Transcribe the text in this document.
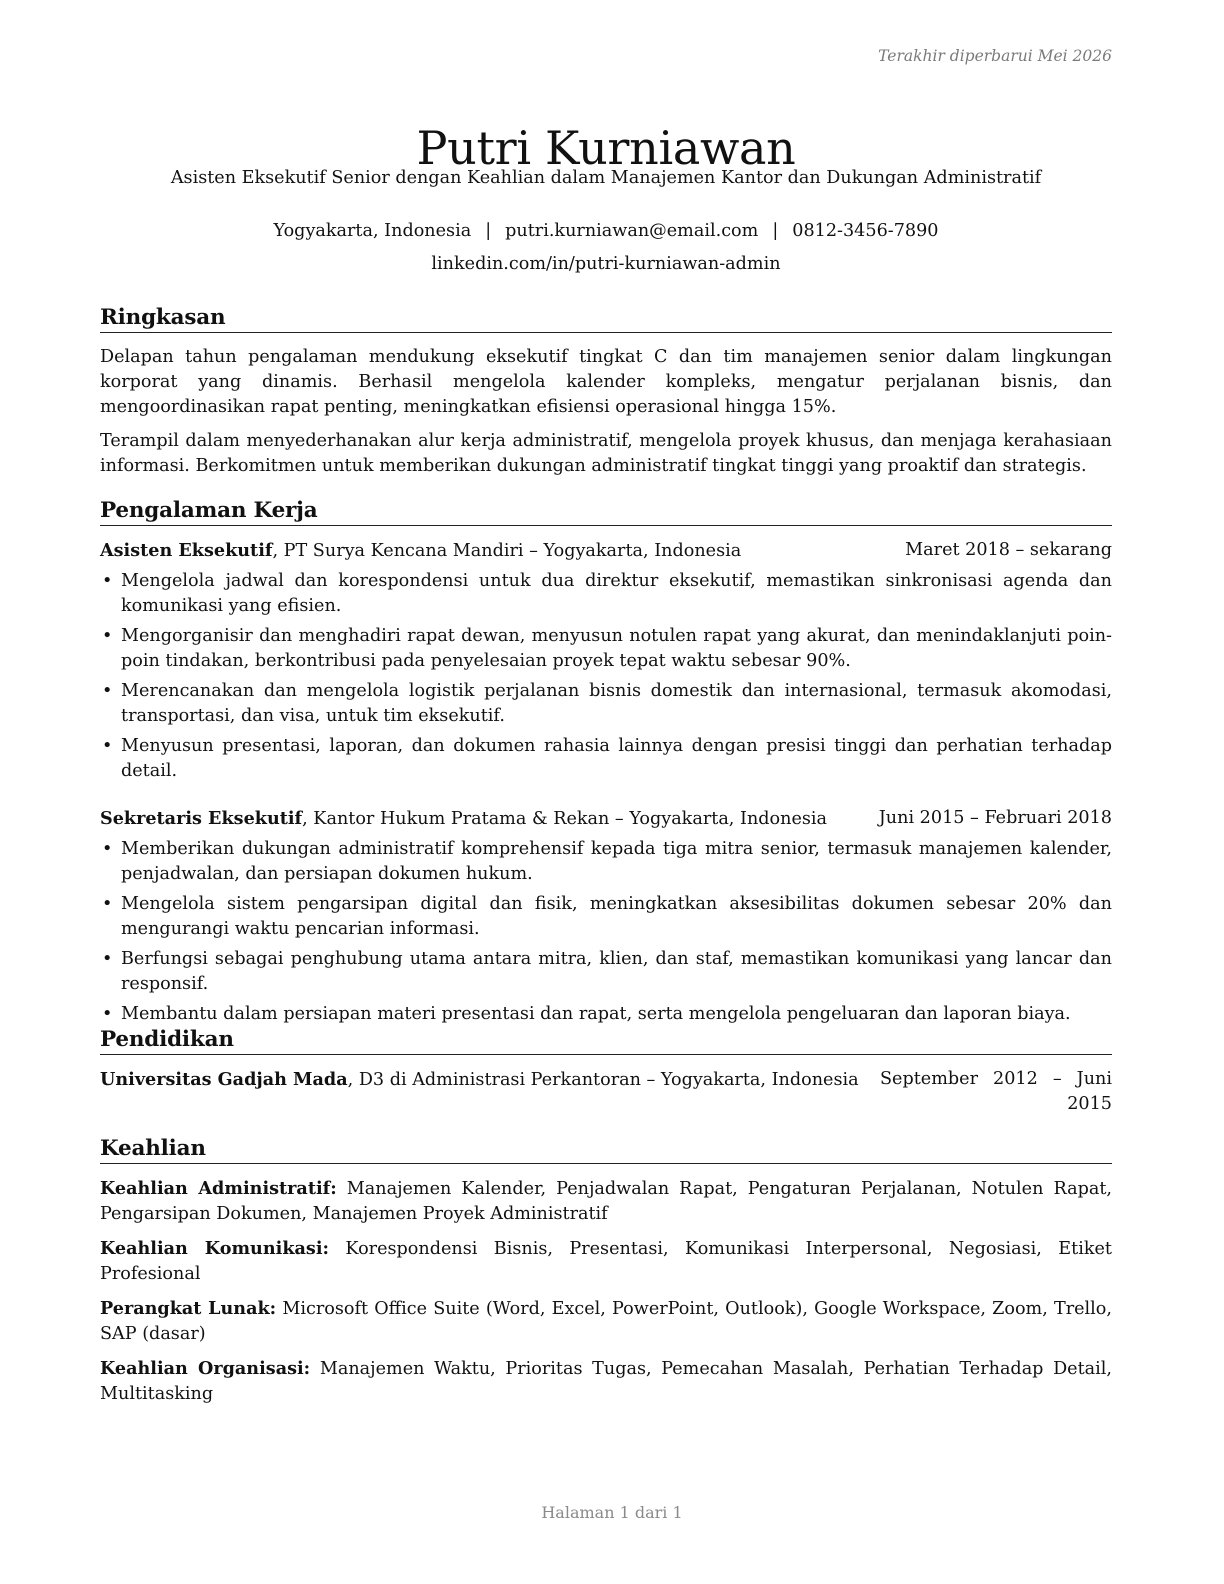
Terakhir diperbarui Mei 2026
Putri Kurniawan
Asisten Eksekutif Senior dengan Keahlian dalam Manajemen Kantor dan Dukungan Administratif
Yogyakarta, Indonesia | putri.kurniawan@email.com | 0812-3456-7890
linkedin.com/in/putri-kurniawan-admin
Ringkasan

Delapan tahun pengalaman mendukung eksekutif tingkat C dan tim manajemen senior dalam lingkungan korporat yang dinamis. Berhasil mengelola kalender kompleks, mengatur perjalanan bisnis, dan mengoordinasikan rapat penting, meningkatkan efisiensi operasional hingga 15%.

Terampil dalam menyederhanakan alur kerja administratif, mengelola proyek khusus, dan menjaga kerahasiaan informasi. Berkomitmen untuk memberikan dukungan administratif tingkat tinggi yang proaktif dan strategis.

Pengalaman Kerja
Asisten Eksekutif, PT Surya Kencana Mandiri – Yogyakarta, Indonesia	Maret 2018 – sekarang
• Mengelola jadwal dan korespondensi untuk dua direktur eksekutif, memastikan sinkronisasi agenda dan komunikasi yang efisien.
• Mengorganisir dan menghadiri rapat dewan, menyusun notulen rapat yang akurat, dan menindaklanjuti poin-poin tindakan, berkontribusi pada penyelesaian proyek tepat waktu sebesar 90%.
• Merencanakan dan mengelola logistik perjalanan bisnis domestik dan internasional, termasuk akomodasi, transportasi, dan visa, untuk tim eksekutif.
• Menyusun presentasi, laporan, dan dokumen rahasia lainnya dengan presisi tinggi dan perhatian terhadap detail.
Sekretaris Eksekutif, Kantor Hukum Pratama & Rekan – Yogyakarta, Indonesia	Juni 2015 – Februari 2018
• Memberikan dukungan administratif komprehensif kepada tiga mitra senior, termasuk manajemen kalender, penjadwalan, dan persiapan dokumen hukum.
• Mengelola sistem pengarsipan digital dan fisik, meningkatkan aksesibilitas dokumen sebesar 20% dan mengurangi waktu pencarian informasi.
• Berfungsi sebagai penghubung utama antara mitra, klien, dan staf, memastikan komunikasi yang lancar dan responsif.
• Membantu dalam persiapan materi presentasi dan rapat, serta mengelola pengeluaran dan laporan biaya.
Pendidikan
Universitas Gadjah Mada, D3 di Administrasi Perkantoran – Yogyakarta, Indonesia September 2012 – Juni 2015
Keahlian

Keahlian Administratif: Manajemen Kalender, Penjadwalan Rapat, Pengaturan Perjalanan, Notulen Rapat, Pengarsipan Dokumen, Manajemen Proyek Administratif

Keahlian Komunikasi: Korespondensi Bisnis, Presentasi, Komunikasi Interpersonal, Negosiasi, Etiket Profesional

Perangkat Lunak: Microsoft Office Suite (Word, Excel, PowerPoint, Outlook), Google Workspace, Zoom, Trello, SAP (dasar)

Keahlian Organisasi: Manajemen Waktu, Prioritas Tugas, Pemecahan Masalah, Perhatian Terhadap Detail, Multitasking

Halaman 1 dari 1
